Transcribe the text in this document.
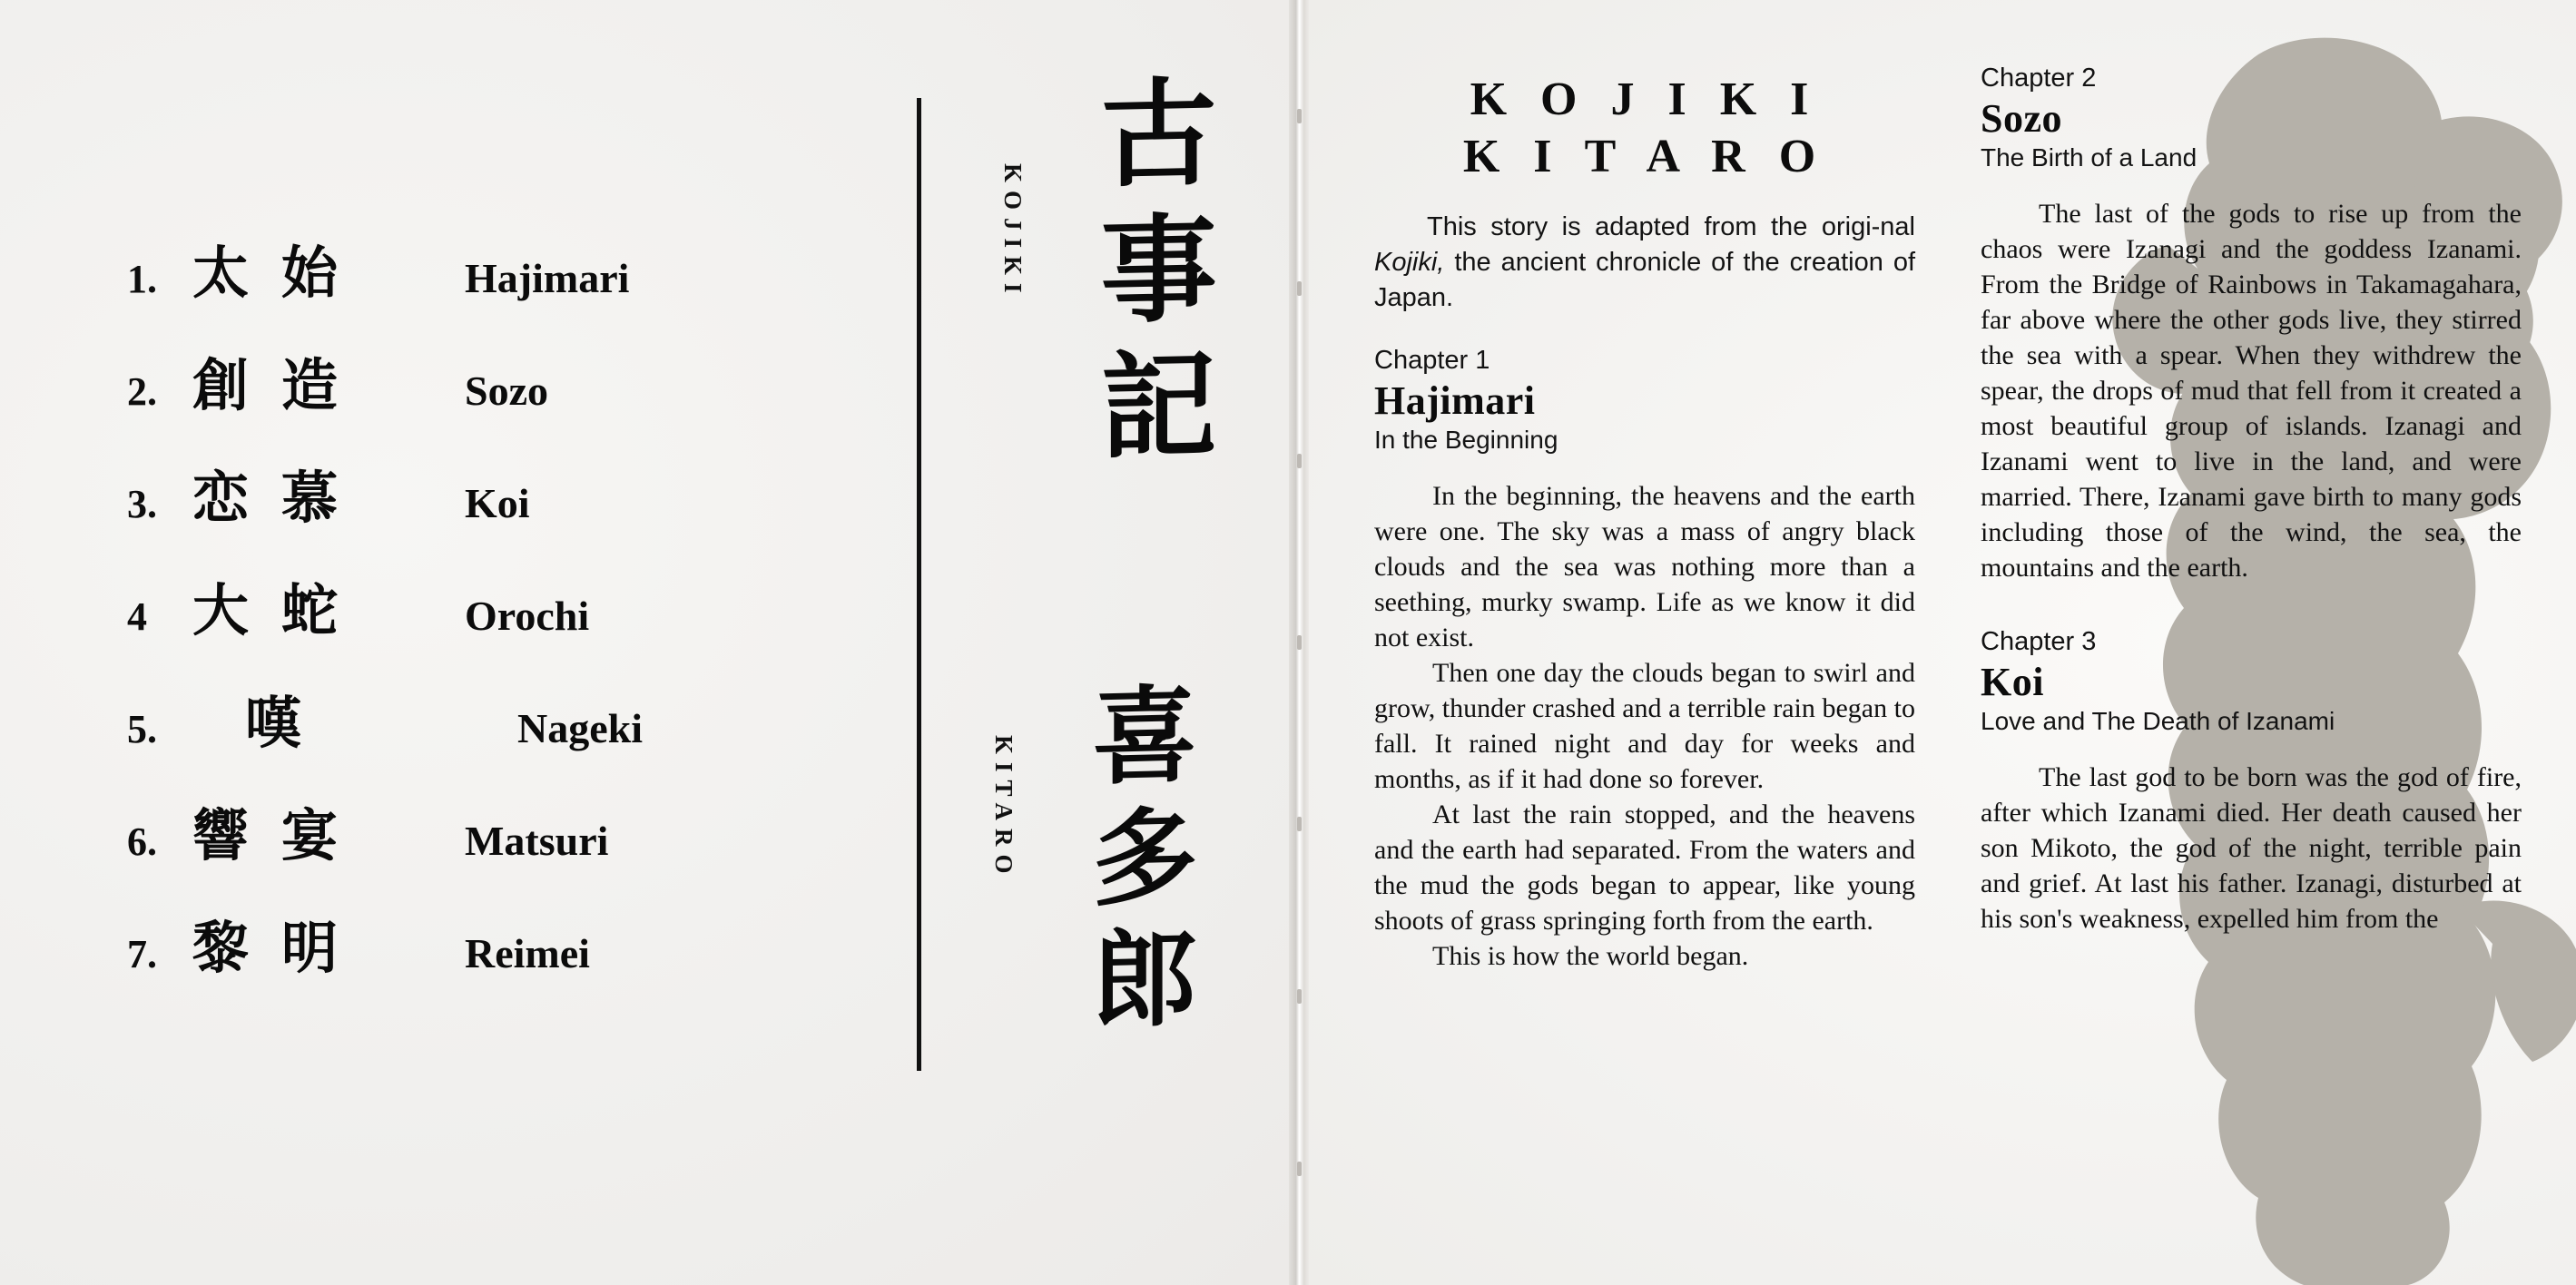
1. 太始	Hajimari
2. 創造	Sozo
3. 恋慕	Koi
4 大蛇	Orochi
5.	嘆	Nageki
6. 響宴	Matsuri
7. 黎明	Reimei
KOJIKI 古事記
KITARO 喜多郎
K O J I K I
K I T A R O

This story is adapted from the origi-nal Kojiki, the ancient chronicle of the creation of Japan.

Chapter 1
Hajimari
In the Beginning

In the beginning, the heavens and the earth were one. The sky was a mass of angry black clouds and the sea was nothing more than a seething, murky swamp. Life as we know it did not exist.

Then one day the clouds began to swirl and grow, thunder crashed and a terrible rain began to fall. It rained night and day for weeks and months, as if it had done so forever.

At last the rain stopped, and the heavens and the earth had separated. From the waters and the mud the gods began to appear, like young shoots of grass springing forth from the earth.

This is how the world began.

Chapter 2
Sozo
The Birth of a Land

The last of the gods to rise up from the chaos were Izanagi and the goddess Izanami. From the Bridge of Rainbows in Takamagahara, far above where the other gods live, they stirred the sea with a spear. When they withdrew the spear, the drops of mud that fell from it created a most beautiful group of islands. Izanagi and Izanami went to live in the land, and were married. There, Izanami gave birth to many gods including those of the wind, the sea, the mountains and the earth.

Chapter 3
Koi
Love and The Death of Izanami

The last god to be born was the god of fire, after which Izanami died. Her death caused her son Mikoto, the god of the night, terrible pain and grief. At last his father. Izanagi, disturbed at his son's weakness, expelled him from the
